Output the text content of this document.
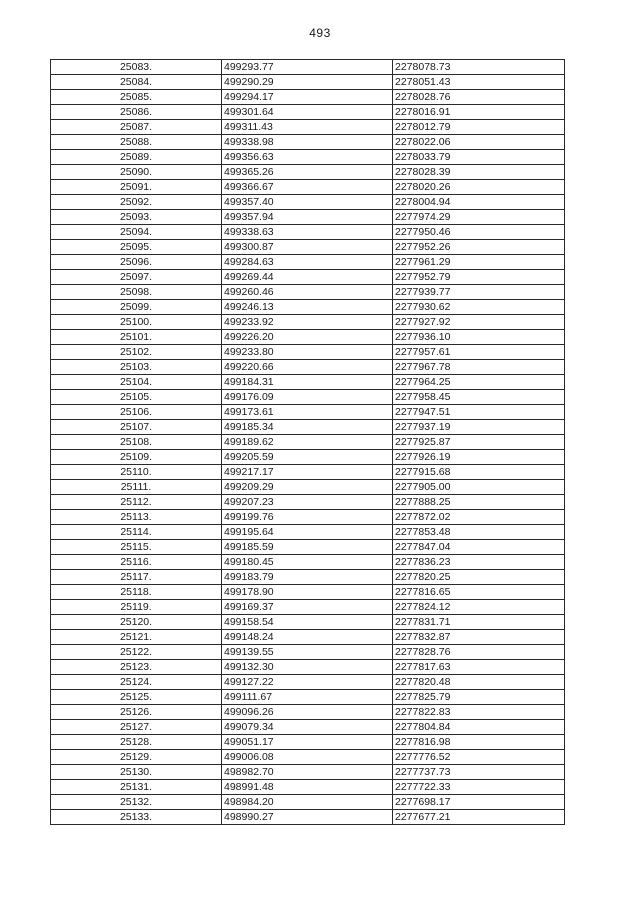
493
25083.	499293.77	2278078.73
25084.	499290.29	2278051.43
25085.	499294.17	2278028.76
25086.	499301.64	2278016.91
25087.	499311.43	2278012.79
25088.	499338.98	2278022.06
25089.	499356.63	2278033.79
25090.	499365.26	2278028.39
25091.	499366.67	2278020.26
25092.	499357.40	2278004.94
25093.	499357.94	2277974.29
25094.	499338.63	2277950.46
25095.	499300.87	2277952.26
25096.	499284.63	2277961.29
25097.	499269.44	2277952.79
25098.	499260.46	2277939.77
25099.	499246.13	2277930.62
25100.	499233.92	2277927.92
25101.	499226.20	2277936.10
25102.	499233.80	2277957.61
25103.	499220.66	2277967.78
25104.	499184.31	2277964.25
25105.	499176.09	2277958.45
25106.	499173.61	2277947.51
25107.	499185.34	2277937.19
25108.	499189.62	2277925.87
25109.	499205.59	2277926.19
25110.	499217.17	2277915.68
25111.	499209.29	2277905.00
25112.	499207.23	2277888.25
25113.	499199.76	2277872.02
25114.	499195.64	2277853.48
25115.	499185.59	2277847.04
25116.	499180.45	2277836.23
25117.	499183.79	2277820.25
25118.	499178.90	2277816.65
25119.	499169.37	2277824.12
25120.	499158.54	2277831.71
25121.	499148.24	2277832.87
25122.	499139.55	2277828.76
25123.	499132.30	2277817.63
25124.	499127.22	2277820.48
25125.	499111.67	2277825.79
25126.	499096.26	2277822.83
25127.	499079.34	2277804.84
25128.	499051.17	2277816.98
25129.	499006.08	2277776.52
25130.	498982.70	2277737.73
25131.	498991.48	2277722.33
25132.	498984.20	2277698.17
25133.	498990.27	2277677.21
